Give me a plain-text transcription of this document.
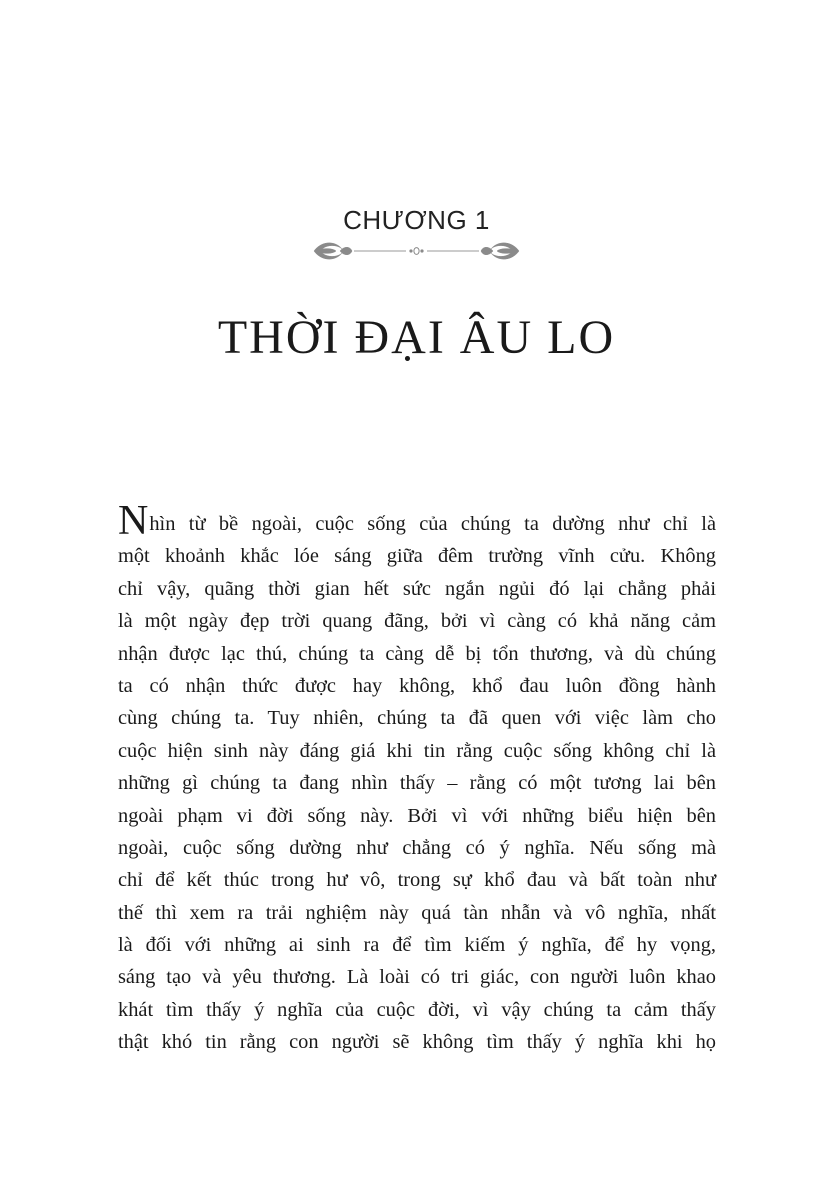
CHƯƠNG 1
THỜI ĐẠI ÂU LO
Nhìn từ bề ngoài, cuộc sống của chúng ta dường như chỉ là
một khoảnh khắc lóe sáng giữa đêm trường vĩnh cửu. Không
chỉ vậy, quãng thời gian hết sức ngắn ngủi đó lại chẳng phải
là một ngày đẹp trời quang đãng, bởi vì càng có khả năng cảm
nhận được lạc thú, chúng ta càng dễ bị tổn thương, và dù chúng
ta có nhận thức được hay không, khổ đau luôn đồng hành
cùng chúng ta. Tuy nhiên, chúng ta đã quen với việc làm cho
cuộc hiện sinh này đáng giá khi tin rằng cuộc sống không chỉ là
những gì chúng ta đang nhìn thấy – rằng có một tương lai bên
ngoài phạm vi đời sống này. Bởi vì với những biểu hiện bên
ngoài, cuộc sống dường như chẳng có ý nghĩa. Nếu sống mà
chỉ để kết thúc trong hư vô, trong sự khổ đau và bất toàn như
thế thì xem ra trải nghiệm này quá tàn nhẫn và vô nghĩa, nhất
là đối với những ai sinh ra để tìm kiếm ý nghĩa, để hy vọng,
sáng tạo và yêu thương. Là loài có tri giác, con người luôn khao
khát tìm thấy ý nghĩa của cuộc đời, vì vậy chúng ta cảm thấy
thật khó tin rằng con người sẽ không tìm thấy ý nghĩa khi họ
